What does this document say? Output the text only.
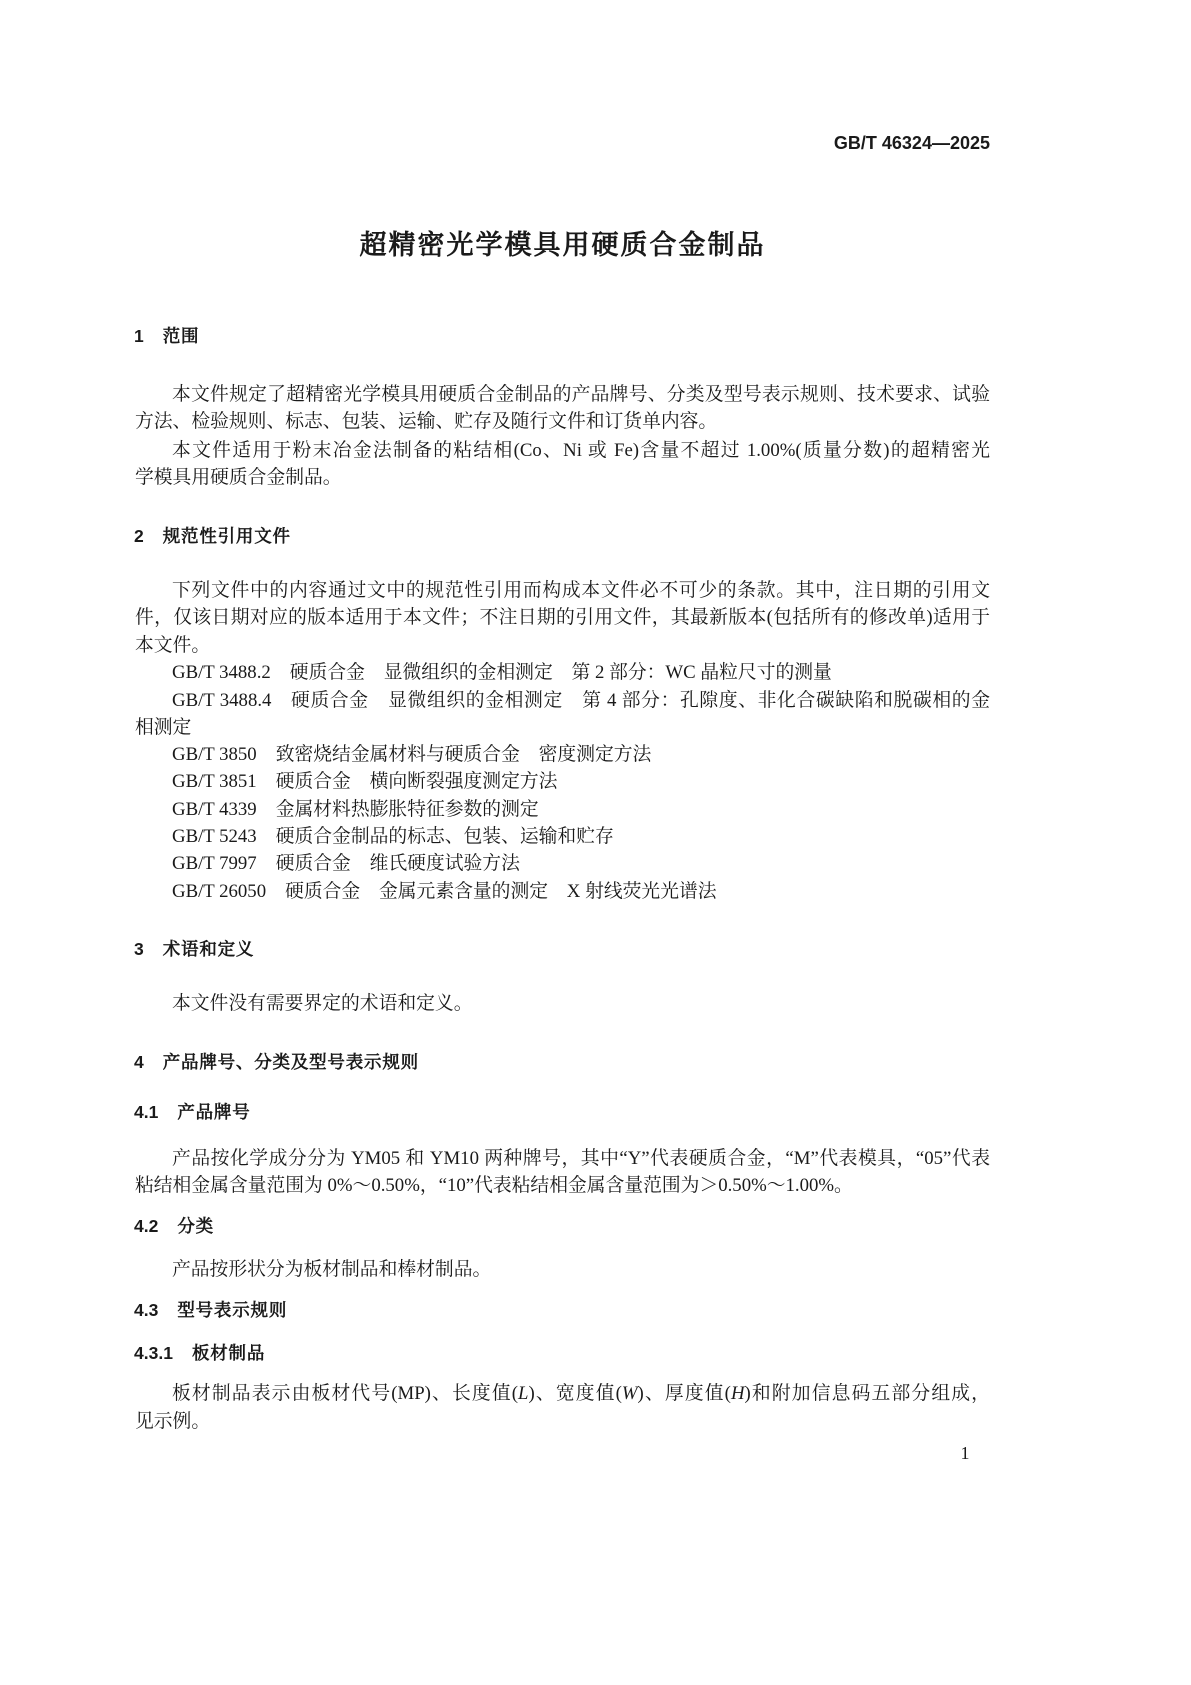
GB/T 46324—2025
超精密光学模具用硬质合金制品
1 范围
本文件规定了超精密光学模具用硬质合金制品的产品牌号、分类及型号表示规则、技术要求、试验
方法、检验规则、标志、包装、运输、贮存及随行文件和订货单内容。
本文件适用于粉末冶金法制备的粘结相(Co、Ni 或 Fe)含量不超过 1.00%(质量分数)的超精密光
学模具用硬质合金制品。
2 规范性引用文件
下列文件中的内容通过文中的规范性引用而构成本文件必不可少的条款。其中，注日期的引用文
件，仅该日期对应的版本适用于本文件；不注日期的引用文件，其最新版本(包括所有的修改单)适用于
本文件。
GB/T 3488.2 硬质合金　显微组织的金相测定　第 2 部分：WC 晶粒尺寸的测量
GB/T 3488.4 硬质合金　显微组织的金相测定　第 4 部分：孔隙度、非化合碳缺陷和脱碳相的金
相测定
GB/T 3850 致密烧结金属材料与硬质合金　密度测定方法
GB/T 3851 硬质合金　横向断裂强度测定方法
GB/T 4339 金属材料热膨胀特征参数的测定
GB/T 5243 硬质合金制品的标志、包装、运输和贮存
GB/T 7997 硬质合金　维氏硬度试验方法
GB/T 26050 硬质合金　金属元素含量的测定　X 射线荧光光谱法
3 术语和定义
本文件没有需要界定的术语和定义。
4 产品牌号、分类及型号表示规则
4.1 产品牌号
产品按化学成分分为 YM05 和 YM10 两种牌号，其中“Y”代表硬质合金，“M”代表模具，“05”代表
粘结相金属含量范围为 0%～0.50%，“10”代表粘结相金属含量范围为＞0.50%～1.00%。
4.2 分类
产品按形状分为板材制品和棒材制品。
4.3 型号表示规则
4.3.1 板材制品
板材制品表示由板材代号(MP)、长度值(L)、宽度值(W)、厚度值(H)和附加信息码五部分组成，
见示例。
1
